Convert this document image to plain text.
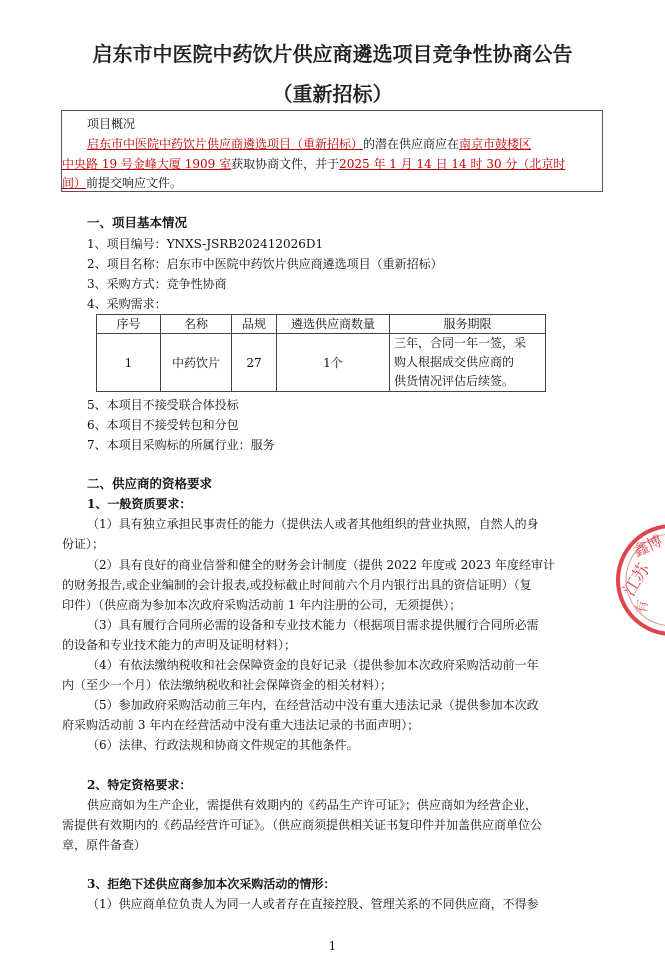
启东市中医院中药饮片供应商遴选项目竞争性协商公告
（重新招标）
项目概况
启东市中医院中药饮片供应商遴选项目（重新招标）的潜在供应商应在南京市鼓楼区
中央路 19 号金峰大厦 1909 室获取协商文件，并于2025 年 1 月 14 日 14 时 30 分（北京时
间）前提交响应文件。
一、项目基本情况
1、项目编号：YNXS-JSRB202412026D1
2、项目名称：启东市中医院中药饮片供应商遴选项目（重新招标）
3、采购方式：竞争性协商
4、采购需求：
序号	名称	品规	遴选供应商数量	服务期限
1	中药饮片	27	1个	三年，合同一年一签，采
购人根据成交供应商的
供货情况评估后续签。
5、本项目不接受联合体投标
6、本项目不接受转包和分包
7、本项目采购标的所属行业：服务
二、供应商的资格要求
1、一般资质要求：
（1）具有独立承担民事责任的能力（提供法人或者其他组织的营业执照，自然人的身
份证）；
（2）具有良好的商业信誉和健全的财务会计制度（提供 2022 年度或 2023 年度经审计
的财务报告,或企业编制的会计报表,或投标截止时间前六个月内银行出具的资信证明）（复
印件）（供应商为参加本次政府采购活动前 1 年内注册的公司，无须提供）；
（3）具有履行合同所必需的设备和专业技术能力（根据项目需求提供履行合同所必需
的设备和专业技术能力的声明及证明材料）；
（4）有依法缴纳税收和社会保障资金的良好记录（提供参加本次政府采购活动前一年
内（至少一个月）依法缴纳税收和社会保障资金的相关材料）；
（5）参加政府采购活动前三年内，在经营活动中没有重大违法记录（提供参加本次政
府采购活动前 3 年内在经营活动中没有重大违法记录的书面声明）；
（6）法律、行政法规和协商文件规定的其他条件。
2、特定资格要求：
供应商如为生产企业，需提供有效期内的《药品生产许可证》；供应商如为经营企业，
需提供有效期内的《药品经营许可证》。（供应商须提供相关证书复印件并加盖供应商单位公
章，原件备查）
3、拒绝下述供应商参加本次采购活动的情形：
（1）供应商单位负责人为同一人或者存在直接控股、管理关系的不同供应商，不得参
1
江苏
鑫博
有
